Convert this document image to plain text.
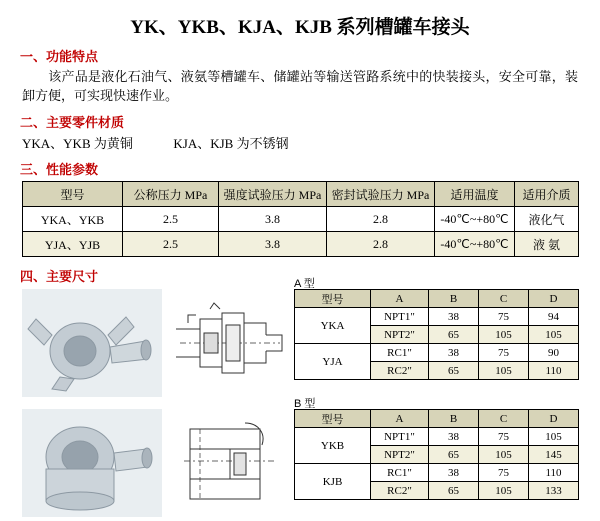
YK、YKB、KJA、KJB 系列槽罐车接头
一、功能特点
该产品是液化石油气、液氨等槽罐车、储罐站等输送管路系统中的快装接头，安全可靠，装卸方便，可实现快速作业。
二、主要零件材质
YKA、YKB 为黄铜	KJA、KJB 为不锈钢
三、性能参数
型号	公称压力 MPa	强度试验压力 MPa	密封试验压力 MPa	适用温度	适用介质
YKA、YKB	2.5	3.8	2.8	-40℃~+80℃	液化气
YJA、YJB	2.5	3.8	2.8	-40℃~+80℃	液 氨
四、主要尺寸	A 型
型号	A	B	C	D
YKA	NPT1"	38	75	94
	NPT2"	65	105	105
YJA	RC1"	38	75	90
	RC2"	65	105	110
B 型
型号	A	B	C	D
YKB	NPT1"	38	75	105
	NPT2"	65	105	145
KJB	RC1"	38	75	110
	RC2"	65	105	133
